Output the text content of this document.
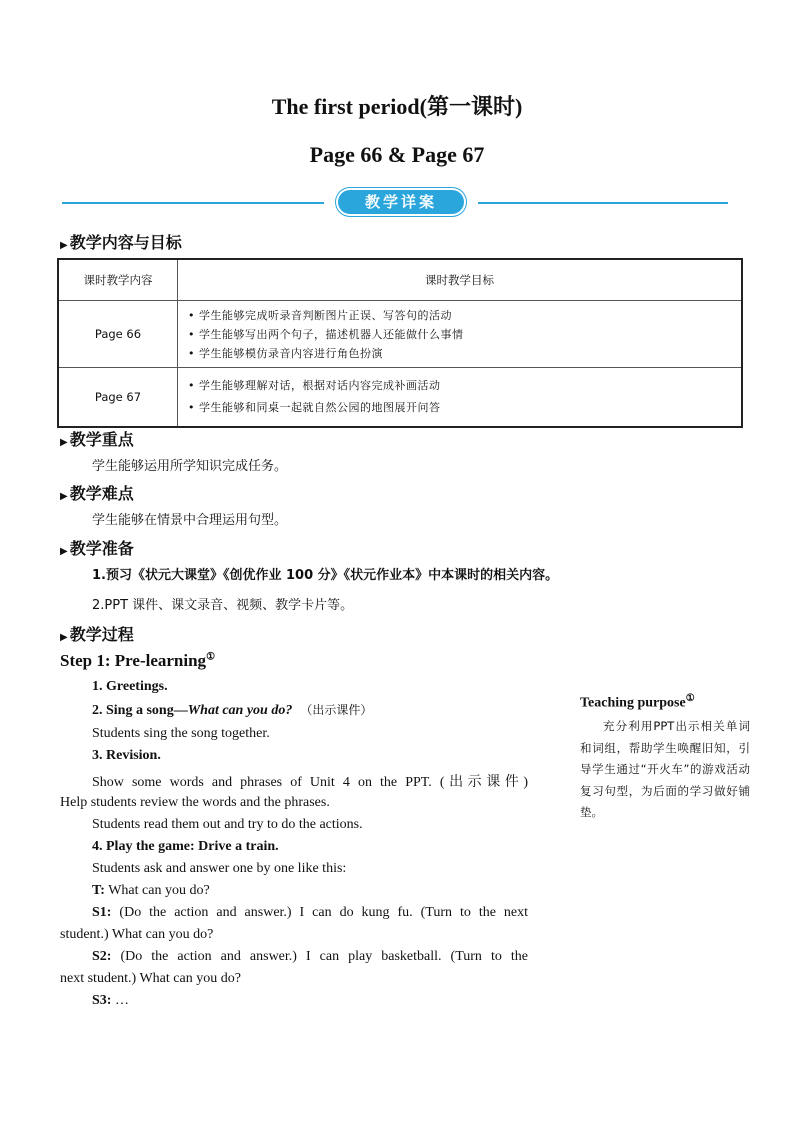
The first period(第一课时)
Page 66 & Page 67
教学详案
▶ 教学内容与目标
课时教学内容	课时教学目标
Page 66	• 学生能够完成听录音判断图片正误、写答句的活动
• 学生能够写出两个句子，描述机器人还能做什么事情
• 学生能够模仿录音内容进行角色扮演

Page 67	• 学生能够理解对话，根据对话内容完成补画活动
• 学生能够和同桌一起就自然公园的地图展开问答
▶ 教学重点
学生能够运用所学知识完成任务。
▶ 教学难点
学生能够在情景中合理运用句型。
▶ 教学准备
1.预习《状元大课堂》《创优作业 100 分》《状元作业本》中本课时的相关内容。
2.PPT 课件、课文录音、视频、教学卡片等。
▶ 教学过程
Step 1: Pre-learning①
1. Greetings.
2. Sing a song—What can you do? （出示课件）
Students sing the song together.
3. Revision.
Show some words and phrases of Unit 4 on the PPT. (出示课件)
Help students review the words and the phrases.
Students read them out and try to do the actions.
4. Play the game: Drive a train.
Students ask and answer one by one like this:
T: What can you do?
S1: (Do the action and answer.) I can do kung fu. (Turn to the next
student.) What can you do?
S2: (Do the action and answer.) I can play basketball. (Turn to the
next student.) What can you do?
S3: …
Teaching purpose①
充分利用PPT出示相关单词和词组，帮助学生唤醒旧知，引导学生通过“开火车”的游戏活动复习句型，为后面的学习做好铺垫。
